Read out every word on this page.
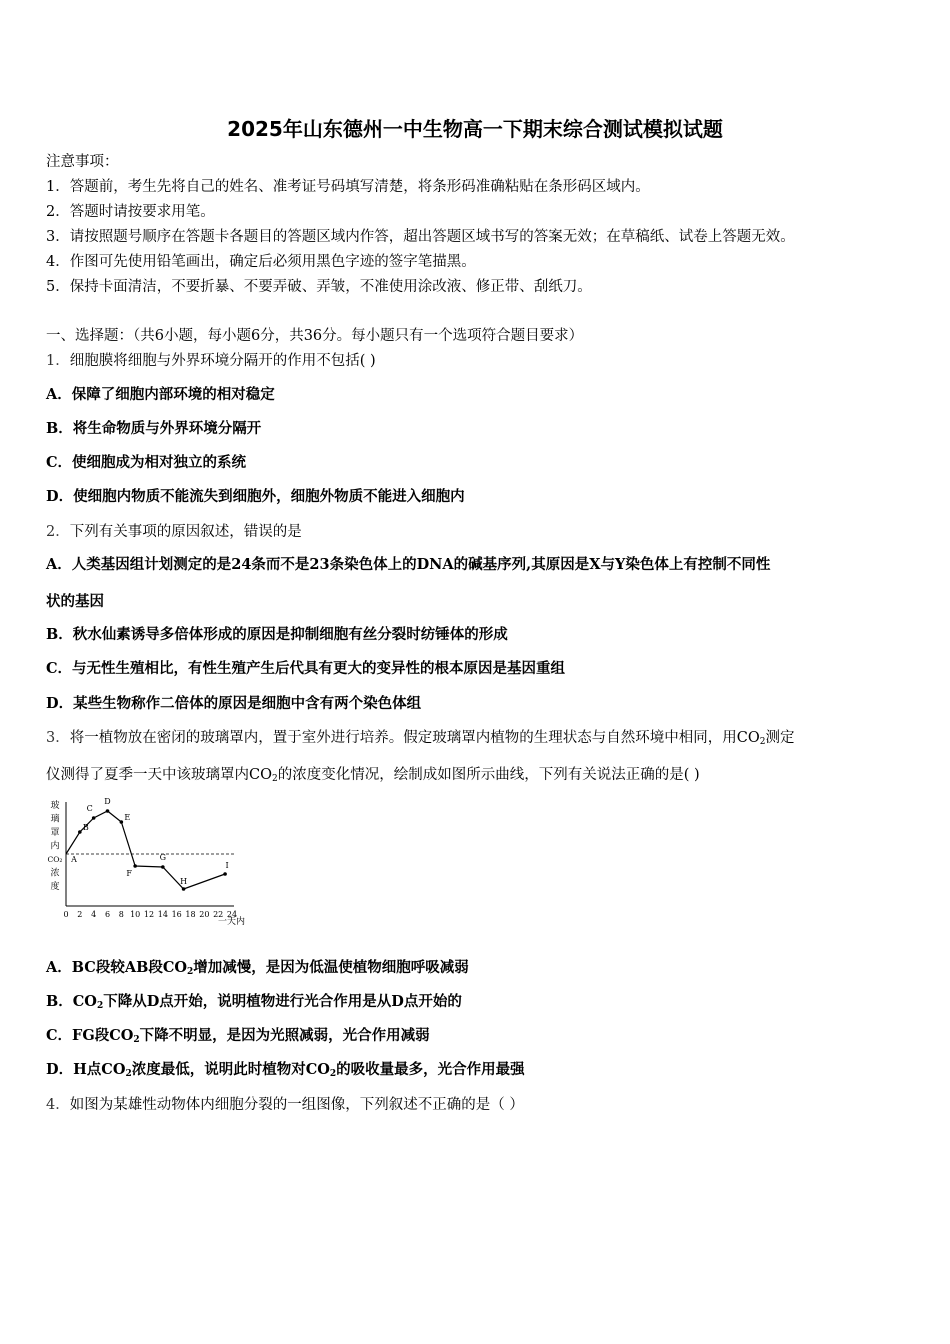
2025年山东德州一中生物高一下期末综合测试模拟试题
注意事项：
1．答题前，考生先将自己的姓名、准考证号码填写清楚，将条形码准确粘贴在条形码区域内。
2．答题时请按要求用笔。
3．请按照题号顺序在答题卡各题目的答题区域内作答，超出答题区域书写的答案无效；在草稿纸、试卷上答题无效。
4．作图可先使用铅笔画出，确定后必须用黑色字迹的签字笔描黑。
5．保持卡面清洁，不要折暴、不要弄破、弄皱，不准使用涂改液、修正带、刮纸刀。
一、选择题：（共6小题，每小题6分，共36分。每小题只有一个选项符合题目要求）
1．细胞膜将细胞与外界环境分隔开的作用不包括( )
A．保障了细胞内部环境的相对稳定
B．将生命物质与外界环境分隔开
C．使细胞成为相对独立的系统
D．使细胞内物质不能流失到细胞外，细胞外物质不能进入细胞内
2．下列有关事项的原因叙述，错误的是
A．人类基因组计划测定的是24条而不是23条染色体上的DNA的碱基序列,其原因是X与Y染色体上有控制不同性
状的基因
B．秋水仙素诱导多倍体形成的原因是抑制细胞有丝分裂时纺锤体的形成
C．与无性生殖相比，有性生殖产生后代具有更大的变异性的根本原因是基因重组
D．某些生物称作二倍体的原因是细胞中含有两个染色体组
3．将一植物放在密闭的玻璃罩内，置于室外进行培养。假定玻璃罩内植物的生理状态与自然环境中相同，用$CO_2$测定
仪测得了夏季一天中该玻璃罩内$CO_2$的浓度变化情况，绘制成如图所示曲线，下列有关说法正确的是( )
玻
璃
罩
内
CO₂
浓
度
A
B
C
D
E
F
G
H
I
0 2 4 6 8 10 12 14 16 18 20 22 24
一天内
A．BC段较AB段$CO_2$增加减慢，是因为低温使植物细胞呼吸减弱
B．$CO_2$下降从D点开始，说明植物进行光合作用是从D点开始的
C．FG段$CO_2$下降不明显，是因为光照减弱，光合作用减弱
D．H点$CO_2$浓度最低，说明此时植物对$CO_2$的吸收量最多，光合作用最强
4．如图为某雄性动物体内细胞分裂的一组图像，下列叙述不正确的是（ ）
